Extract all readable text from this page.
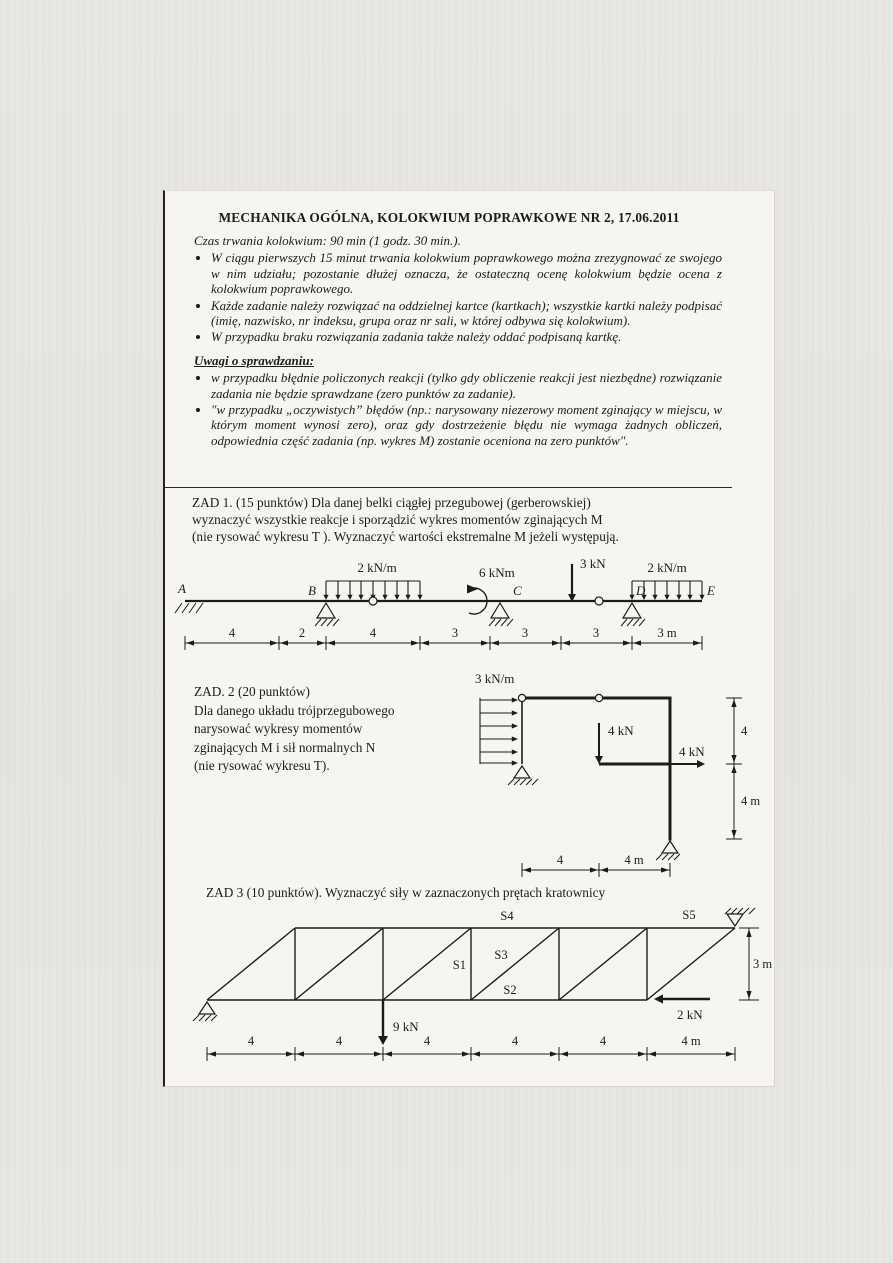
MECHANIKA OGÓLNA, KOLOKWIUM POPRAWKOWE NR 2, 17.06.2011
Czas trwania kolokwium: 90 min (1 godz. 30 min.).
• W ciągu pierwszych 15 minut trwania kolokwium poprawkowego można zrezygnować ze swojego w nim udziału; pozostanie dłużej oznacza, że ostateczną ocenę kolokwium będzie ocena z kolokwium poprawkowego.
• Każde zadanie należy rozwiązać na oddzielnej kartce (kartkach); wszystkie kartki należy podpisać (imię, nazwisko, nr indeksu, grupa oraz nr sali, w której odbywa się kolokwium).
• W przypadku braku rozwiązania zadania także należy oddać podpisaną kartkę.
Uwagi o sprawdzaniu:
• w przypadku błędnie policzonych reakcji (tylko gdy obliczenie reakcji jest niezbędne) rozwiązanie zadania nie będzie sprawdzane (zero punktów za zadanie).
• "w przypadku „oczywistych” błędów (np.: narysowany niezerowy moment zginający w miejscu, w którym moment wynosi zero), oraz gdy dostrzeżenie błędu nie wymaga żadnych obliczeń, odpowiednia część zadania (np. wykres M) zostanie oceniona na zero punktów".
ZAD 1. (15 punktów) Dla danej belki ciągłej przegubowej (gerberowskiej)
wyznaczyć wszystkie reakcje i sporządzić wykres momentów zginających M
(nie rysować wykresu T ). Wyznaczyć wartości ekstremalne M jeżeli występują.
2 kN/m	6 kNm
3 kN	2 kN/m
A	B	C	D	E
4	2	4	3	3	3	3 m
ZAD. 2 (20 punktów)
Dla danego układu trójprzegubowego
narysować wykresy momentów
zginających M i sił normalnych N
(nie rysować wykresu T).
3 kN/m
4 kN
4 kN
4
4 m
4	4 m
ZAD 3 (10 punktów). Wyznaczyć siły w zaznaczonych prętach kratownicy
S1
S2
S3
S4	S5
9 kN
2 kN
4	4	4	4	4	4 m
3 m
